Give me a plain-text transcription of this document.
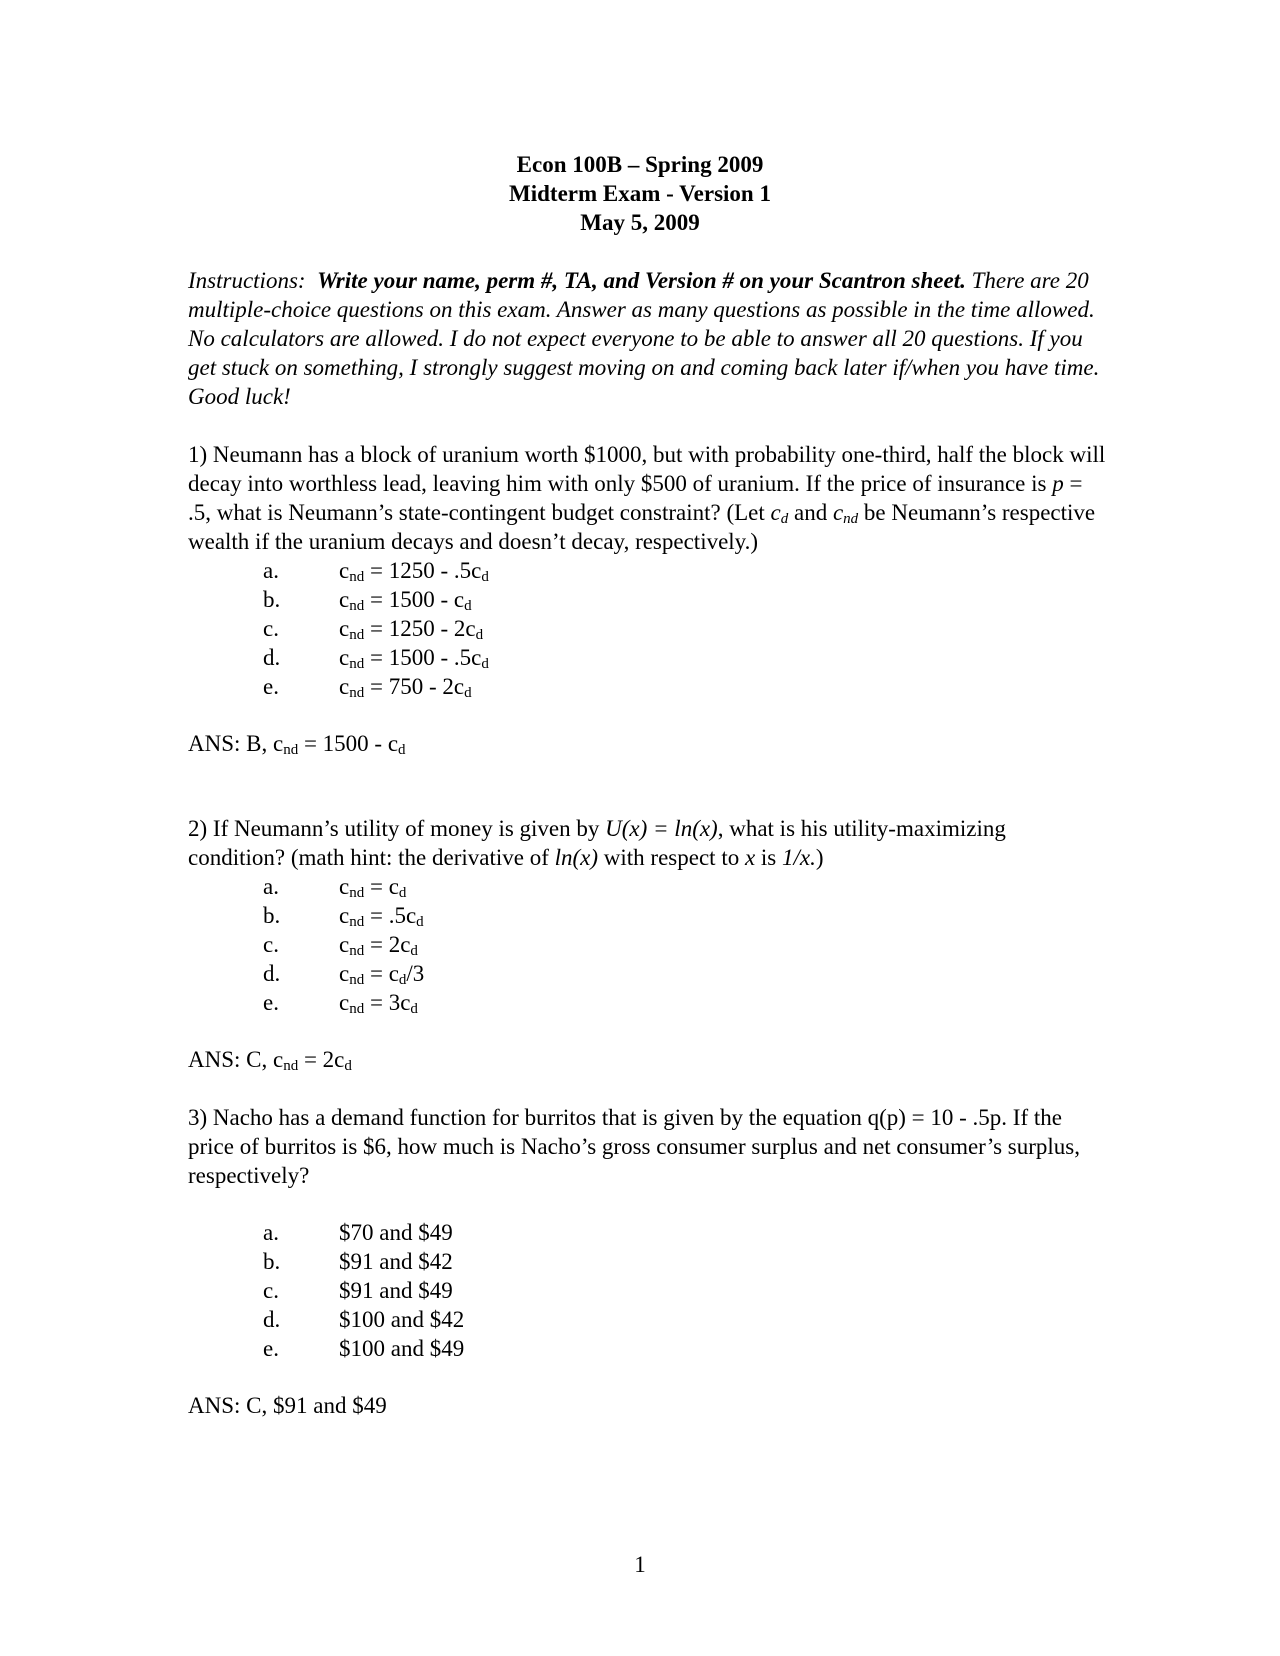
Econ 100B – Spring 2009
Midterm Exam - Version 1
May 5, 2009
Instructions: Write your name, perm #, TA, and Version # on your Scantron sheet. There are 20 multiple-choice questions on this exam. Answer as many questions as possible in the time allowed. No calculators are allowed. I do not expect everyone to be able to answer all 20 questions. If you get stuck on something, I strongly suggest moving on and coming back later if/when you have time. Good luck!
1) Neumann has a block of uranium worth $1000, but with probability one-third, half the block will decay into worthless lead, leaving him with only $500 of uranium. If the price of insurance is p = .5, what is Neumann’s state-contingent budget constraint? (Let $c_d$ and $c_{nd}$ be Neumann’s respective wealth if the uranium decays and doesn’t decay, respectively.)
a.	$c_{nd} = 1250 - .5c_d$
b.	$c_{nd} = 1500 - c_d$
c.	$c_{nd} = 1250 - 2c_d$
d.	$c_{nd} = 1500 - .5c_d$
e.	$c_{nd} = 750 - 2c_d$
ANS: B, $c_{nd} = 1500 - c_d$
2) If Neumann’s utility of money is given by U(x) = ln(x), what is his utility-maximizing condition? (math hint: the derivative of ln(x) with respect to x is 1/x.)
a.	$c_{nd} = c_d$
b.	$c_{nd} = .5c_d$
c.	$c_{nd} = 2c_d$
d.	$c_{nd} = c_d/3$
e.	$c_{nd} = 3c_d$
ANS: C, $c_{nd} = 2c_d$
3) Nacho has a demand function for burritos that is given by the equation q(p) = 10 - .5p. If the price of burritos is $6, how much is Nacho’s gross consumer surplus and net consumer’s surplus, respectively?
a.	$70 and $49
b.	$91 and $42
c.	$91 and $49
d.	$100 and $42
e.	$100 and $49
ANS: C, $91 and $49
1
